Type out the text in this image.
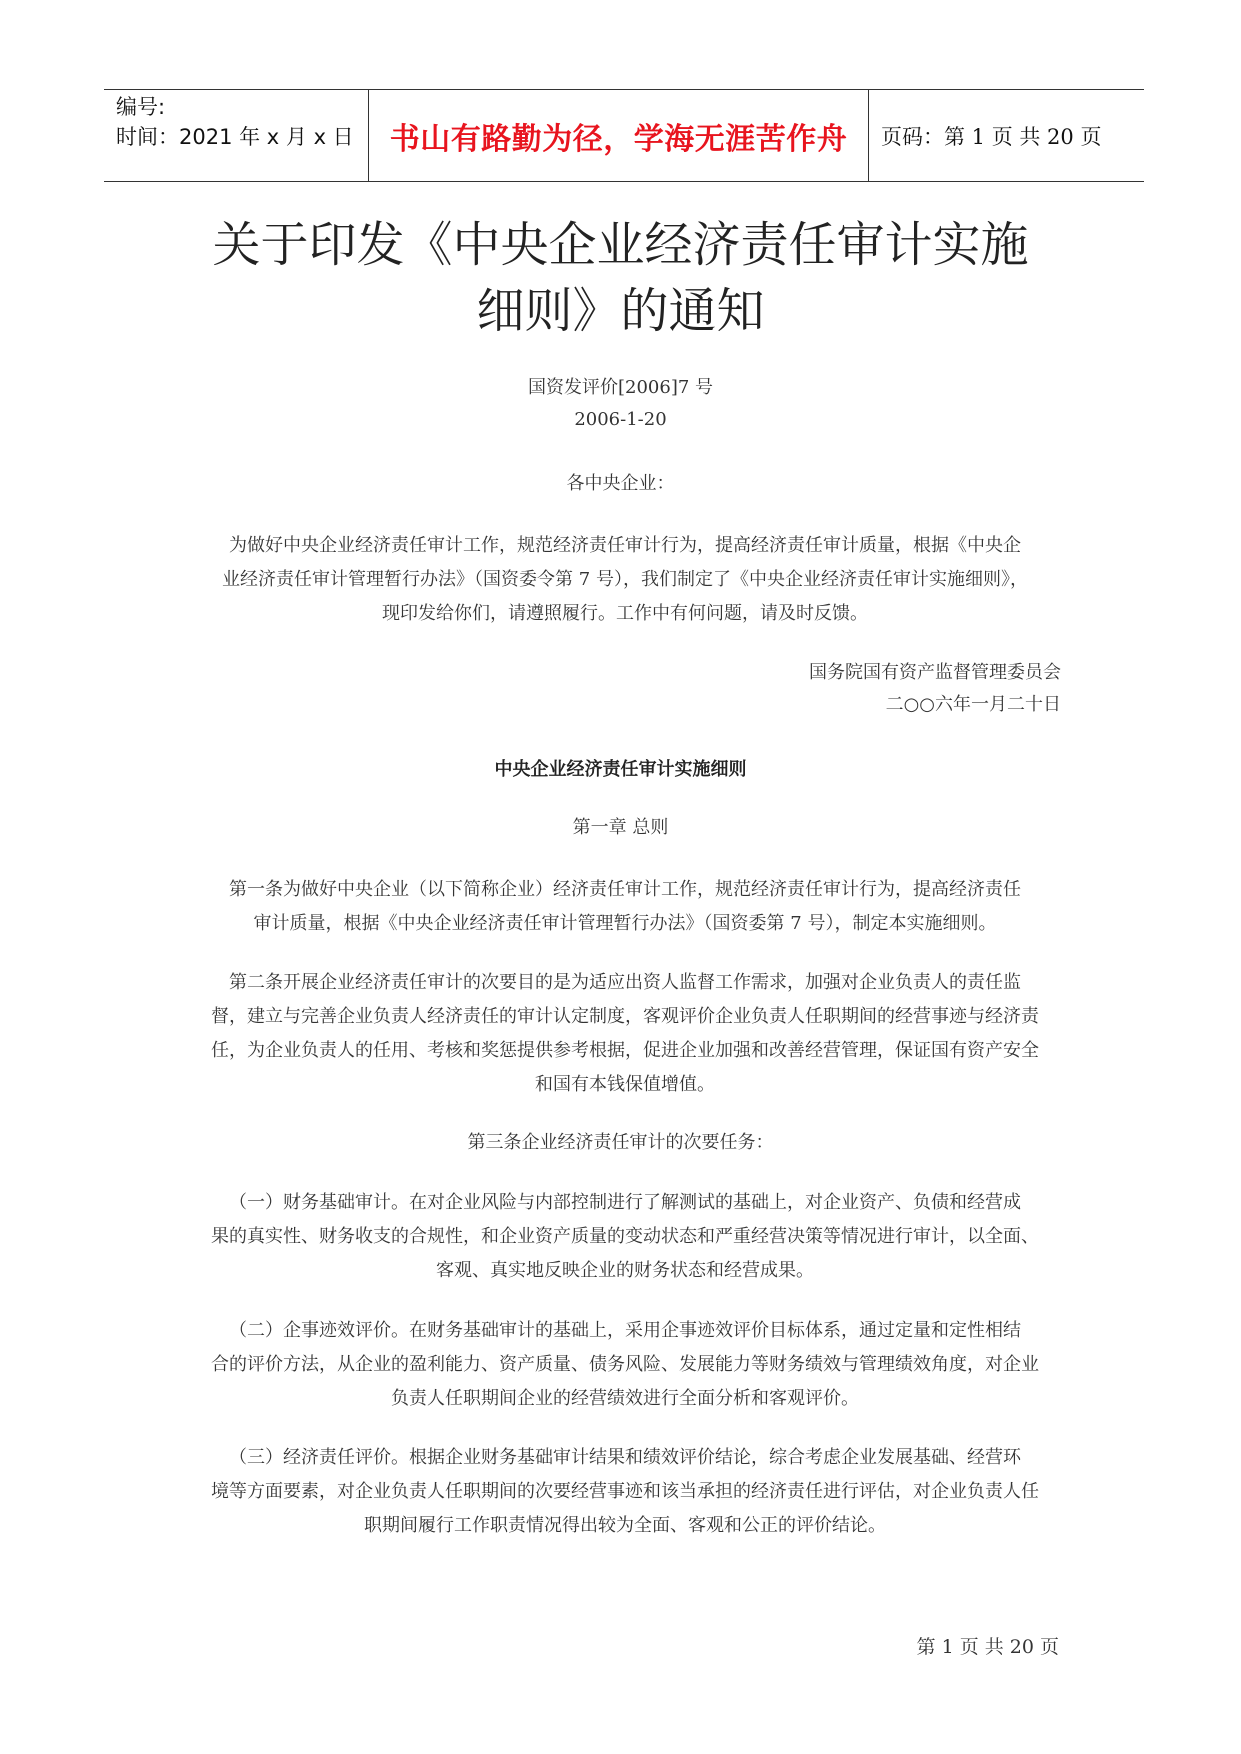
编号:
时间：2021 年 x 月 x 日	书山有路勤为径，学海无涯苦作舟	页码：第 1 页 共 20 页
关于印发《中央企业经济责任审计实施
细则》的通知
国资发评价[2006]7 号
2006-1-20
各中央企业：
为做好中央企业经济责任审计工作，规范经济责任审计行为，提高经济责任审计质量，根据《中央企
业经济责任审计管理暂行办法》（国资委令第 7 号），我们制定了《中央企业经济责任审计实施细则》，
现印发给你们，请遵照履行。工作中有何问题，请及时反馈。
国务院国有资产监督管理委员会
二○○六年一月二十日
中央企业经济责任审计实施细则
第一章 总则
第一条为做好中央企业（以下简称企业）经济责任审计工作，规范经济责任审计行为，提高经济责任
审计质量，根据《中央企业经济责任审计管理暂行办法》（国资委第 7 号），制定本实施细则。
第二条开展企业经济责任审计的次要目的是为适应出资人监督工作需求，加强对企业负责人的责任监
督，建立与完善企业负责人经济责任的审计认定制度，客观评价企业负责人任职期间的经营事迹与经济责
任，为企业负责人的任用、考核和奖惩提供参考根据，促进企业加强和改善经营管理，保证国有资产安全
和国有本钱保值增值。
第三条企业经济责任审计的次要任务：
（一）财务基础审计。在对企业风险与内部控制进行了解测试的基础上，对企业资产、负债和经营成
果的真实性、财务收支的合规性，和企业资产质量的变动状态和严重经营决策等情况进行审计，以全面、
客观、真实地反映企业的财务状态和经营成果。
（二）企事迹效评价。在财务基础审计的基础上，采用企事迹效评价目标体系，通过定量和定性相结
合的评价方法，从企业的盈利能力、资产质量、债务风险、发展能力等财务绩效与管理绩效角度，对企业
负责人任职期间企业的经营绩效进行全面分析和客观评价。
（三）经济责任评价。根据企业财务基础审计结果和绩效评价结论，综合考虑企业发展基础、经营环
境等方面要素，对企业负责人任职期间的次要经营事迹和该当承担的经济责任进行评估，对企业负责人任
职期间履行工作职责情况得出较为全面、客观和公正的评价结论。
第 1 页 共 20 页
